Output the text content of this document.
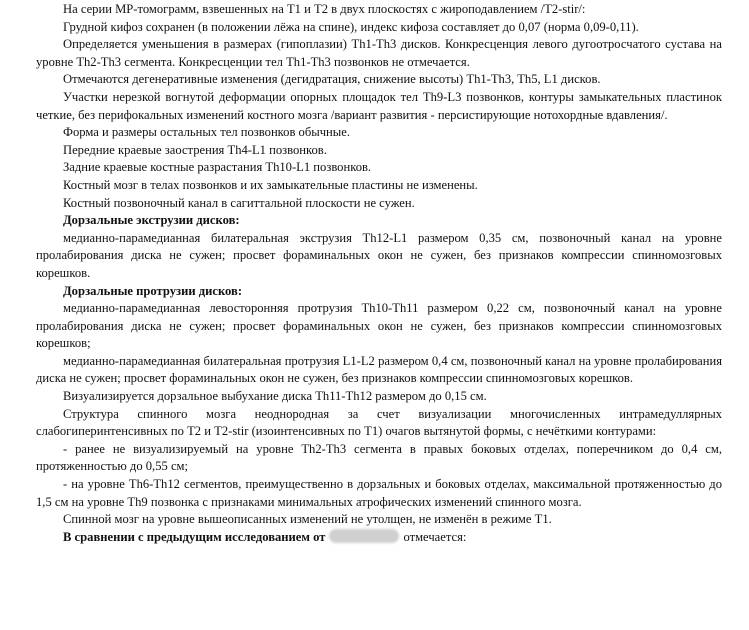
На серии МР-томограмм, взвешенных на Т1 и Т2 в двух плоскостях с жироподавлением /Т2-stir/:

Грудной кифоз сохранен (в положении лёжа на спине), индекс кифоза составляет до 0,07 (норма 0,09-0,11).

Определяется уменьшения в размерах (гипоплазии) Th1-Th3 дисков. Конкресценция левого дугоотросчатого сустава на уровне Th2-Th3 сегмента. Конкресценции тел Th1-Th3 позвонков не отмечается.

Отмечаются дегенеративные изменения (дегидратация, снижение высоты) Th1-Th3, Th5, L1 дисков.

Участки нерезкой вогнутой деформации опорных площадок тел Th9-L3 позвонков, контуры замыкательных пластинок четкие, без перифокальных изменений костного мозга /вариант развития - персистирующие нотохордные вдавления/.

Форма и размеры остальных тел позвонков обычные.

Передние краевые заострения Th4-L1 позвонков.

Задние краевые костные разрастания Th10-L1 позвонков.

Костный мозг в телах позвонков и их замыкательные пластины не изменены.

Костный позвоночный канал в сагиттальной плоскости не сужен.

Дорзальные экструзии дисков:

медианно-парамедианная билатеральная экструзия Th12-L1 размером 0,35 см, позвоночный канал на уровне пролабирования диска не сужен; просвет фораминальных окон не сужен, без признаков компрессии спинномозговых корешков.

Дорзальные протрузии дисков:

медианно-парамедианная левосторонняя протрузия Th10-Th11 размером 0,22 см, позвоночный канал на уровне пролабирования диска не сужен; просвет фораминальных окон не сужен, без признаков компрессии спинномозговых корешков;

медианно-парамедианная билатеральная протрузия L1-L2 размером 0,4 см, позвоночный канал на уровне пролабирования диска не сужен; просвет фораминальных окон не сужен, без признаков компрессии спинномозговых корешков.

Визуализируется дорзальное выбухание диска Th11-Th12 размером до 0,15 см.

Структура спинного мозга неоднородная за счет визуализации многочисленных интрамедуллярных слабогиперинтенсивных по Т2 и Т2-stir (изоинтенсивных по Т1) очагов вытянутой формы, с нечёткими контурами:

- ранее не визуализируемый на уровне Th2-Th3 сегмента в правых боковых отделах, поперечником до 0,4 см, протяженностью до 0,55 см;

- на уровне Th6-Th12 сегментов, преимущественно в дорзальных и боковых отделах, максимальной протяженностью до 1,5 см на уровне Th9 позвонка с признаками минимальных атрофических изменений спинного мозга.

Спинной мозг на уровне вышеописанных изменений не утолщен, не изменён в режиме Т1.

В сравнении с предыдущим исследованием от	отмечается:
